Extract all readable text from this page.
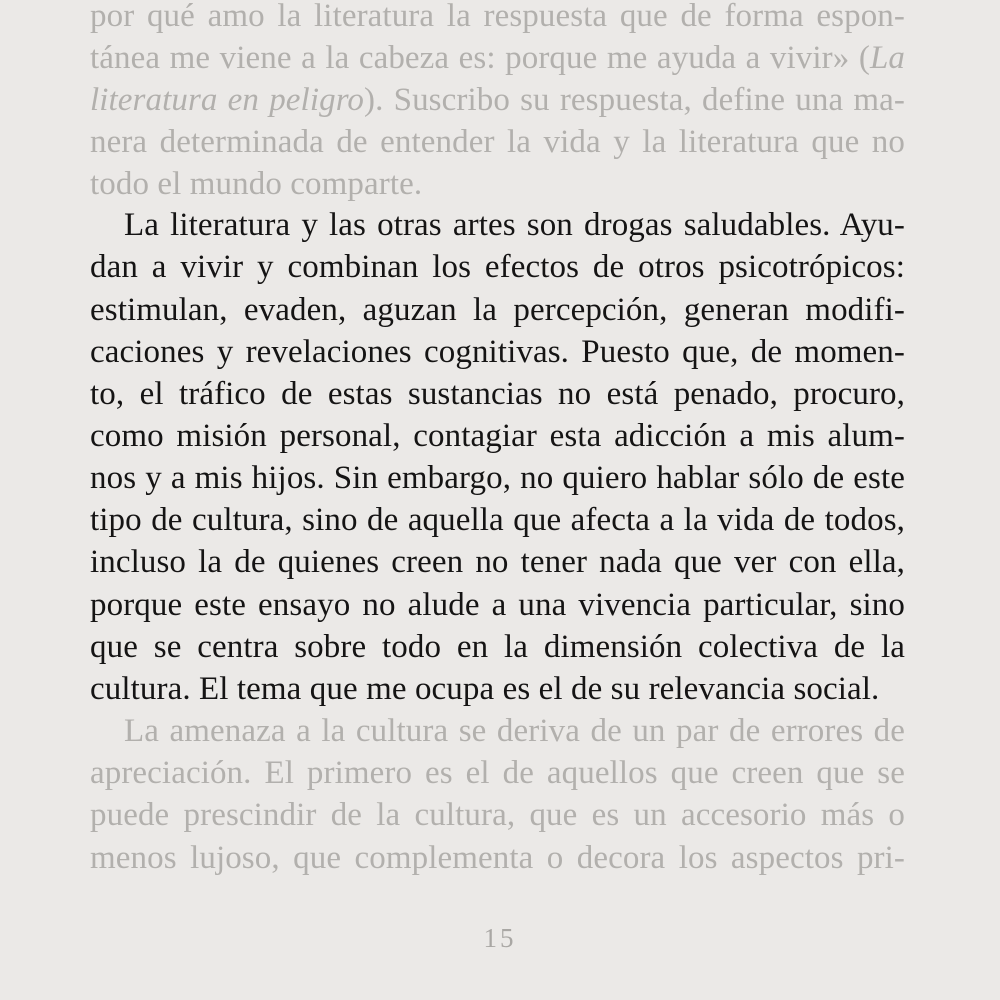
por qué amo la literatura la respuesta que de forma espon-

tánea me viene a la cabeza es: porque me ayuda a vivir» (La

literatura en peligro). Suscribo su respuesta, define una ma-

nera determinada de entender la vida y la literatura que no

todo el mundo comparte.

La literatura y las otras artes son drogas saludables. Ayu-

dan a vivir y combinan los efectos de otros psicotrópicos:

estimulan, evaden, aguzan la percepción, generan modifi-

caciones y revelaciones cognitivas. Puesto que, de momen-

to, el tráfico de estas sustancias no está penado, procuro,

como misión personal, contagiar esta adicción a mis alum-

nos y a mis hijos. Sin embargo, no quiero hablar sólo de este

tipo de cultura, sino de aquella que afecta a la vida de todos,

incluso la de quienes creen no tener nada que ver con ella,

porque este ensayo no alude a una vivencia particular, sino

que se centra sobre todo en la dimensión colectiva de la

cultura. El tema que me ocupa es el de su relevancia social.

La amenaza a la cultura se deriva de un par de errores de

apreciación. El primero es el de aquellos que creen que se

puede prescindir de la cultura, que es un accesorio más o

menos lujoso, que complementa o decora los aspectos pri-

15
